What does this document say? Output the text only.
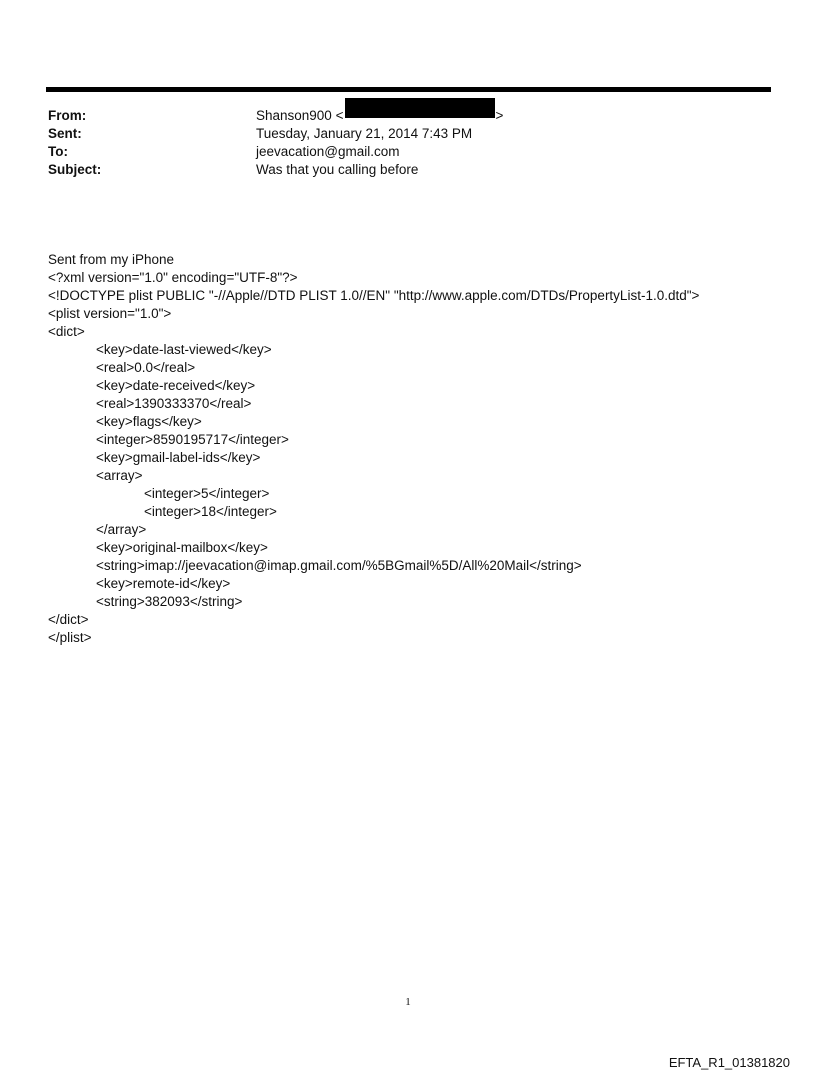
From:	Shanson900 <	>
Sent:	Tuesday, January 21, 2014 7:43 PM
To:	jeevacation@gmail.com
Subject:	Was that you calling before
Sent from my iPhone
<?xml version="1.0" encoding="UTF-8"?>
<!DOCTYPE plist PUBLIC "-//Apple//DTD PLIST 1.0//EN" "http://www.apple.com/DTDs/PropertyList-1.0.dtd">
<plist version="1.0">
<dict>
<key>date-last-viewed</key>
<real>0.0</real>
<key>date-received</key>
<real>1390333370</real>
<key>flags</key>
<integer>8590195717</integer>
<key>gmail-label-ids</key>
<array>
<integer>5</integer>
<integer>18</integer>
</array>
<key>original-mailbox</key>
<string>imap://jeevacation@imap.gmail.com/%5BGmail%5D/All%20Mail</string>
<key>remote-id</key>
<string>382093</string>
</dict>
</plist>
1
EFTA_R1_01381820
